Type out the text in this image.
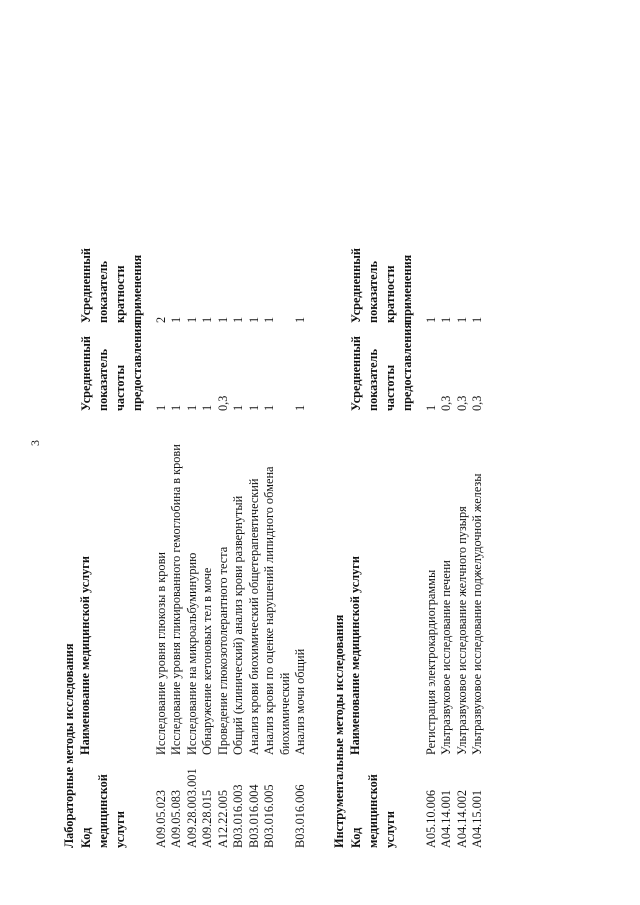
3
Лабораторные методы исследования Код медицинской услуги
Наименование медицинской услуги
Усредненный показатель частоты предоставления
Усредненный показатель кратности применения
A09.05.023
Исследование уровня глюкозы в крови
1
2
A09.05.083
Исследование уровня гликированного гемоглобина в крови
1
1
A09.28.003.001
Исследование на микроальбуминурию
1
1
A09.28.015
Обнаружение кетоновых тел в моче
1
1
A12.22.005
Проведение глюкозотолерантного теста
0,3
1
B03.016.003
Общий (клинический) анализ крови развернутый
1
1
B03.016.004
Анализ крови биохимический общетерапевтический
1
1
B03.016.005
Анализ крови по оценке нарушений липидного обмена биохимический
1
1
B03.016.006
Анализ мочи общий
1
1
Инструментальные методы исследования Код медицинской услуги
Наименование медицинской услуги
Усредненный показатель частоты предоставления
Усредненный показатель кратности применения
A05.10.006
Регистрация электрокардиограммы
1
1
A04.14.001
Ультразвуковое исследование печени
0,3
1
A04.14.002
Ультразвуковое исследование желчного пузыря
0,3
1
A04.15.001
Ультразвуковое исследование поджелудочной железы
0,3
1
